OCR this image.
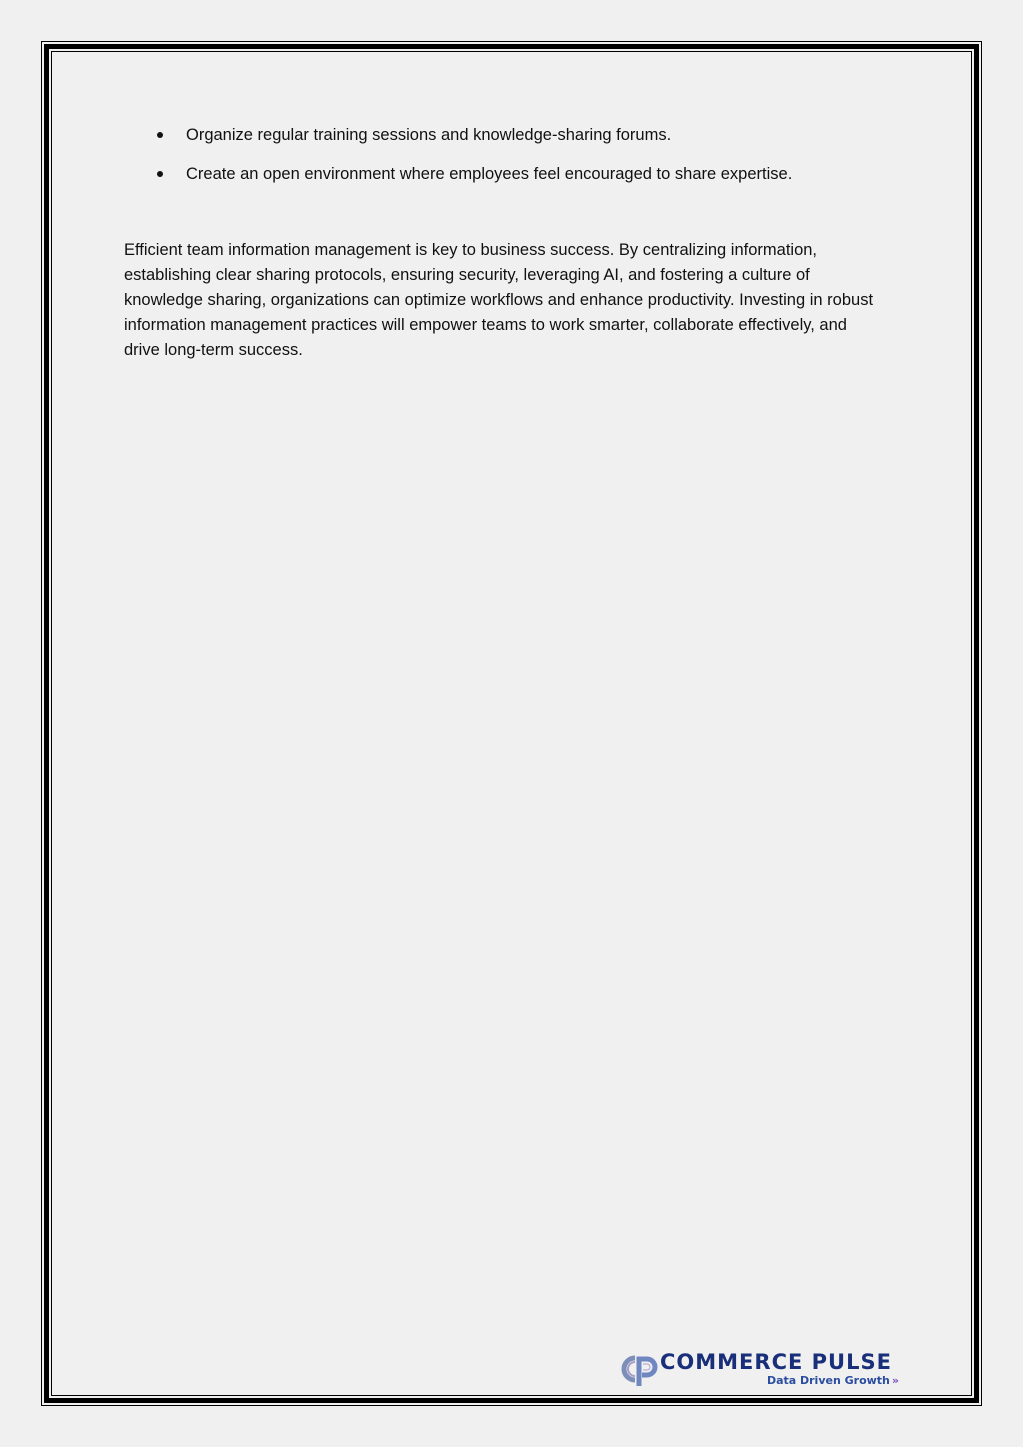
Organize regular training sessions and knowledge-sharing forums.
Create an open environment where employees feel encouraged to share expertise.

Efficient team information management is key to business success. By centralizing information, establishing clear sharing protocols, ensuring security, leveraging AI, and fostering a culture of knowledge sharing, organizations can optimize workflows and enhance productivity. Investing in robust information management practices will empower teams to work smarter, collaborate effectively, and drive long-term success.

COMMERCE PULSE
Data Driven Growth »
